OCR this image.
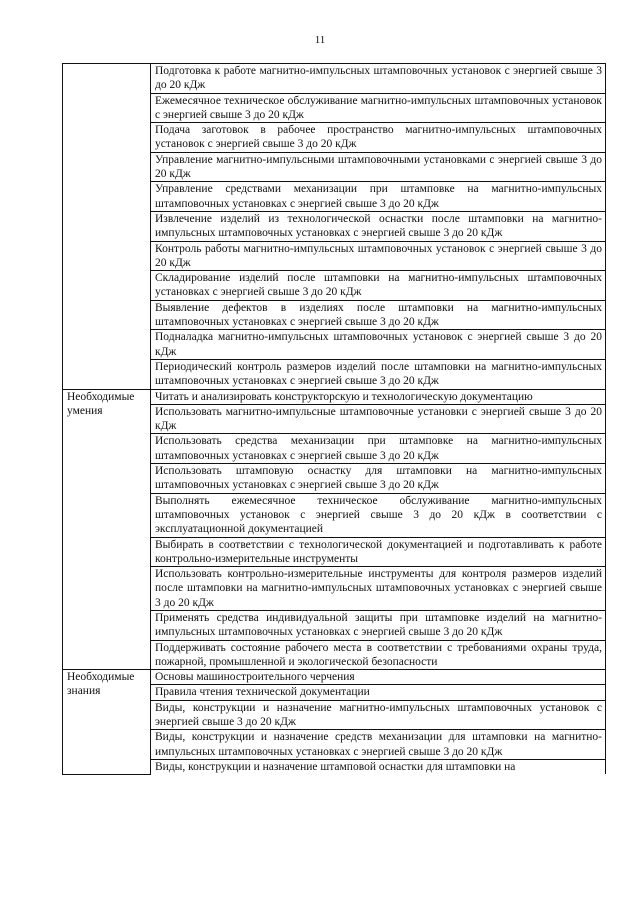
11
	Подготовка к работе магнитно-импульсных штамповочных установок с энергией свыше 3 до 20 кДж
	Ежемесячное техническое обслуживание магнитно-импульсных штамповочных установок с энергией свыше 3 до 20 кДж
	Подача заготовок в рабочее пространство магнитно-импульсных штамповочных установок с энергией свыше 3 до 20 кДж
	Управление магнитно-импульсными штамповочными установками с энергией свыше 3 до 20 кДж
	Управление средствами механизации при штамповке на магнитно-импульсных штамповочных установках с энергией свыше 3 до 20 кДж
	Извлечение изделий из технологической оснастки после штамповки на магнитно-импульсных штамповочных установках с энергией свыше 3 до 20 кДж
	Контроль работы магнитно-импульсных штамповочных установок с энергией свыше 3 до 20 кДж
	Складирование изделий после штамповки на магнитно-импульсных штамповочных установках с энергией свыше 3 до 20 кДж
	Выявление дефектов в изделиях после штамповки на магнитно-импульсных штамповочных установках с энергией свыше 3 до 20 кДж
	Подналадка магнитно-импульсных штамповочных установок с энергией свыше 3 до 20 кДж
	Периодический контроль размеров изделий после штамповки на магнитно-импульсных штамповочных установках с энергией свыше 3 до 20 кДж
Необходимые умения	Читать и анализировать конструкторскую и технологическую документацию
	Использовать магнитно-импульсные штамповочные установки с энергией свыше 3 до 20 кДж
	Использовать средства механизации при штамповке на магнитно-импульсных штамповочных установках с энергией свыше 3 до 20 кДж
	Использовать штамповую оснастку для штамповки на магнитно-импульсных штамповочных установках с энергией свыше 3 до 20 кДж
	Выполнять ежемесячное техническое обслуживание магнитно-импульсных штамповочных установок с энергией свыше 3 до 20 кДж в соответствии с эксплуатационной документацией
	Выбирать в соответствии с технологической документацией и подготавливать к работе контрольно-измерительные инструменты
	Использовать контрольно-измерительные инструменты для контроля размеров изделий после штамповки на магнитно-импульсных штамповочных установках с энергией свыше 3 до 20 кДж
	Применять средства индивидуальной защиты при штамповке изделий на магнитно-импульсных штамповочных установках с энергией свыше 3 до 20 кДж
	Поддерживать состояние рабочего места в соответствии с требованиями охраны труда, пожарной, промышленной и экологической безопасности
Необходимые знания	Основы машиностроительного черчения
	Правила чтения технической документации
	Виды, конструкции и назначение магнитно-импульсных штамповочных установок с энергией свыше 3 до 20 кДж
	Виды, конструкции и назначение средств механизации для штамповки на магнитно-импульсных штамповочных установках с энергией свыше 3 до 20 кДж
	Виды, конструкции и назначение штамповой оснастки для штамповки на
